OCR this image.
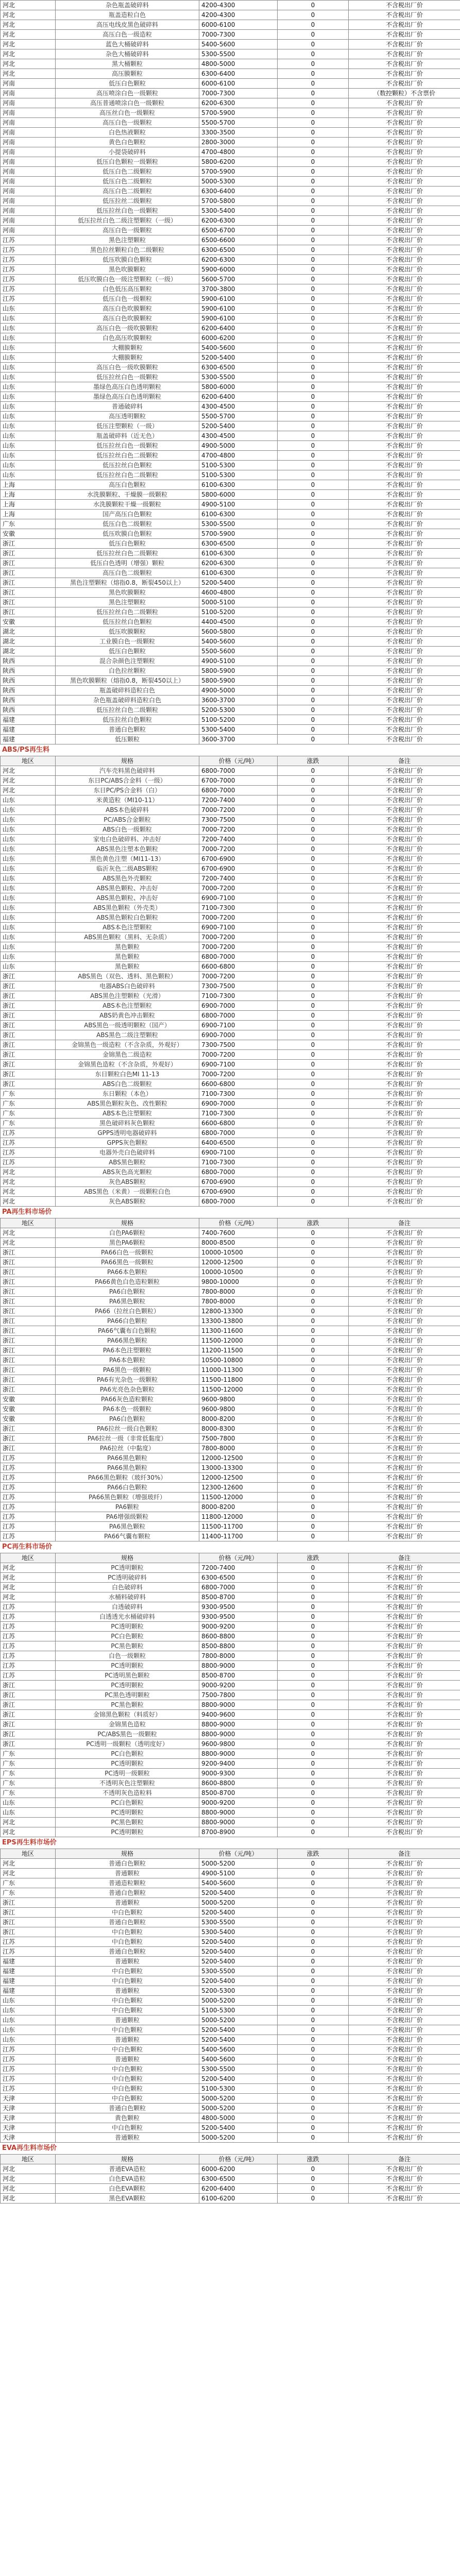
河北	杂色瓶盖破碎料	4200-4300	0	不含税出厂价
河北	瓶盖造粒白色	4200-4300	0	不含税出厂价
河北	高压电线皮黑色破碎料	6000-6100	0	不含税出厂价
河北	高压白色一级造粒	7000-7300	0	不含税出厂价
河北	蓝色大桶破碎料	5400-5600	0	不含税出厂价
河北	杂色大桶破碎料	5300-5500	0	不含税出厂价
河北	黑大桶颗粒	4800-5000	0	不含税出厂价
河北	高压膜颗粒	6300-6400	0	不含税出厂价
河南	低压白色颗粒	6000-6100	0	不含税出厂价
河南	高压喷涂白色一级颗粒	7000-7300	0	（数控颗粒）不含票价
河南	高压普通喷涂白色一级颗粒	6200-6300	0	不含税出厂价
河南	高压丝白色一级颗粒	5700-5900	0	不含税出厂价
河南	高压白色一级颗粒	5500-5700	0	不含税出厂价
河南	白色热液颗粒	3300-3500	0	不含税出厂价
河南	黄色白色颗粒	2800-3000	0	不含税出厂价
河南	小提袋破碎料	4700-4800	0	不含税出厂价
河南	低压白色颗粒一级颗粒	5800-6200	0	不含税出厂价
河南	低压白色二级颗粒	5700-5900	0	不含税出厂价
河南	低压白色二级颗粒	5000-5300	0	不含税出厂价
河南	高压白色二级颗粒	6300-6400	0	不含税出厂价
河南	低压拉丝二级颗粒	5700-5800	0	不含税出厂价
河南	低压拉丝白色一级颗粒	5300-5400	0	不含税出厂价
河南	低压拉丝白色二级注塑颗粒（一级）	6200-6300	0	不含税出厂价
河南	高压白色一级颗粒	6500-6700	0	不含税出厂价
江苏	黑色注塑颗粒	6500-6600	0	不含税出厂价
江苏	黑色拉丝颗粒白色二级颗粒	6300-6500	0	不含税出厂价
江苏	低压吹膜白色颗粒	6200-6300	0	不含税出厂价
江苏	黑色吹膜颗粒	5900-6000	0	不含税出厂价
江苏	低压吹膜白色一级注塑颗粒（一级）	5600-5700	0	不含税出厂价
江苏	白色低压高压颗粒	3700-3800	0	不含税出厂价
江苏	低压白色一级颗粒	5900-6100	0	不含税出厂价
山东	高压白色吹膜颗粒	5900-6100	0	不含税出厂价
山东	高压白色吹膜颗粒	5900-6100	0	不含税出厂价
山东	高压白色一级吹膜颗粒	6200-6400	0	不含税出厂价
山东	白色高压吹膜颗粒	6000-6200	0	不含税出厂价
山东	大棚膜颗粒	5400-5600	0	不含税出厂价
山东	大棚膜颗粒	5200-5400	0	不含税出厂价
山东	高压白色一级吹膜颗粒	6300-6500	0	不含税出厂价
山东	低压拉丝白色一级颗粒	5300-5500	0	不含税出厂价
山东	墨绿色高压白色透明颗粒	5800-6000	0	不含税出厂价
山东	墨绿色高压白色透明颗粒	6200-6400	0	不含税出厂价
山东	普通破碎料	4300-4500	0	不含税出厂价
山东	高压透明颗粒	5500-5700	0	不含税出厂价
山东	低压注塑颗粒（一级）	5200-5400	0	不含税出厂价
山东	瓶盖破碎料（近无色）	4300-4500	0	不含税出厂价
山东	低压拉丝白色一级颗粒	4900-5000	0	不含税出厂价
山东	低压拉丝白色二级颗粒	4700-4800	0	不含税出厂价
山东	低压拉丝白色颗粒	5100-5300	0	不含税出厂价
山东	低压拉丝白色二级颗粒	5100-5300	0	不含税出厂价
上海	高压白色颗粒	6100-6300	0	不含税出厂价
上海	水洗膜颗粒、干燥膜一级颗粒	5800-6000	0	不含税出厂价
上海	水洗膜颗粒干燥一级颗粒	4900-5100	0	不含税出厂价
上海	国产高压白色颗粒	6100-6300	0	不含税出厂价
广东	低压白色二级颗粒	5300-5500	0	不含税出厂价
安徽	低压吹膜白色颗粒	5700-5900	0	不含税出厂价
浙江	低压白色颗粒	6300-6500	0	不含税出厂价
浙江	低压拉丝白色二级颗粒	6100-6300	0	不含税出厂价
浙江	低压白色透明（增强）颗粒	6200-6300	0	不含税出厂价
浙江	高压白色二级颗粒	6100-6300	0	不含税出厂价
浙江	黑色注塑颗粒（熔指0.8，断裂450以上）	5200-5400	0	不含税出厂价
浙江	黑色吹膜颗粒	4600-4800	0	不含税出厂价
浙江	黑色注塑颗粒	5000-5100	0	不含税出厂价
浙江	低压拉丝白色二级颗粒	5100-5200	0	不含税出厂价
安徽	低压拉丝白色颗粒	4400-4500	0	不含税出厂价
湖北	低压吹膜颗粒	5600-5800	0	不含税出厂价
湖北	工业膜白色一级颗粒	5400-5600	0	不含税出厂价
湖北	低压白色颗粒	5500-5600	0	不含税出厂价
陕西	混合杂颜色注塑颗粒	4900-5100	0	不含税出厂价
陕西	白色拉丝颗粒	5800-5900	0	不含税出厂价
陕西	黑色吹膜颗粒（熔指0.8，断裂450以上）	5800-5900	0	不含税出厂价
陕西	瓶盖破碎料造粒白色	4900-5000	0	不含税出厂价
陕西	杂色瓶盖破碎料造粒白色	3600-3700	0	不含税出厂价
陕西	低压拉丝白色二级颗粒	5200-5300	0	不含税出厂价
福建	低压拉丝白色颗粒	5100-5200	0	不含税出厂价
福建	普通白色颗粒	5300-5400	0	不含税出厂价
福建	低压颗粒	3600-3700	0	不含税出厂价
ABS/PS再生料
地区	规格	价格（元/吨）	涨跌	备注
河北	汽车壳料黑色破碎料	6800-7000	0	不含税出厂价
河北	东日PC/ABS合金料（一级）	6700-7000	0	不含税出厂价
河北	东日PC/PS合金料（白）	6800-7000	0	不含税出厂价
山东	米黄造粒（MI10-11）	7200-7400	0	不含税出厂价
山东	ABS本色破碎料	7000-7200	0	不含税出厂价
山东	PC/ABS合金颗粒	7300-7500	0	不含税出厂价
山东	ABS白色一级颗粒	7000-7200	0	不含税出厂价
山东	家电白色破碎料、冲击好	7200-7400	0	不含税出厂价
山东	ABS黑色注塑本色颗粒	7000-7200	0	不含税出厂价
山东	黑色黄色注塑（MI11-13）	6700-6900	0	不含税出厂价
山东	临沂灰色二级ABS颗粒	6700-6900	0	不含税出厂价
山东	ABS黑色外壳颗粒	7200-7400	0	不含税出厂价
山东	ABS黑色颗粒、冲击好	7000-7200	0	不含税出厂价
山东	ABS黑色颗粒、冲击好	6900-7100	0	不含税出厂价
山东	ABS黑色颗粒（外壳类）	7100-7300	0	不含税出厂价
山东	ABS黑色颗粒白色颗粒	7000-7200	0	不含税出厂价
山东	ABS本色注塑颗粒	6900-7100	0	不含税出厂价
山东	ABS黑色颗粒（黑料、无杂质）	7000-7200	0	不含税出厂价
山东	黑色颗粒	7000-7200	0	不含税出厂价
山东	黑色颗粒	6800-7000	0	不含税出厂价
山东	黑色颗粒	6600-6800	0	不含税出厂价
浙江	ABS黑色（双色、透料、黑色颗粒）	7000-7200	0	不含税出厂价
浙江	电器ABS白色破碎料	7300-7500	0	不含税出厂价
浙江	ABS黑色注塑颗粒（光滑）	7100-7300	0	不含税出厂价
浙江	ABS本色注塑颗粒	6900-7000	0	不含税出厂价
浙江	ABS奶黄色冲击颗粒	6800-7000	0	不含税出厂价
浙江	ABS黑色一级透明颗粒（国产）	6900-7100	0	不含税出厂价
浙江	ABS黑色二级注塑颗粒	6900-7000	0	不含税出厂价
浙江	金锦黑色一级造粒（不含杂质，外观好）	7300-7500	0	不含税出厂价
浙江	金锦黑色二级造粒	7000-7200	0	不含税出厂价
浙江	金锦黑色造粒（不含杂质，外观好）	6900-7100	0	不含税出厂价
浙江	东日颗粒白色MI 11-13	7000-7200	0	不含税出厂价
浙江	ABS白色二级颗粒	6600-6800	0	不含税出厂价
广东	东日颗粒（本色）	7100-7300	0	不含税出厂价
广东	ABS黑色颗粒灰色、改性颗粒	6900-7000	0	不含税出厂价
广东	ABS本色注塑颗粒	7100-7300	0	不含税出厂价
广东	黑色破碎料灰色颗粒	6600-6800	0	不含税出厂价
江苏	GPPS透明电器破碎料	6800-7000	0	不含税出厂价
江苏	GPPS灰色颗粒	6400-6500	0	不含税出厂价
江苏	电器外壳白色破碎料	6900-7100	0	不含税出厂价
江苏	ABS黑色颗粒	7100-7300	0	不含税出厂价
河北	ABS灰色高光颗粒	6800-7000	0	不含税出厂价
河北	灰色ABS颗粒	6700-6900	0	不含税出厂价
河北	ABS黑色（米黄）一级颗粒白色	6700-6900	0	不含税出厂价
河北	灰色ABS颗粒	6800-7000	0	不含税出厂价
PA再生料市场价
地区	规格	价格（元/吨）	涨跌	备注
河北	白色PA6颗粒	7400-7600	0	不含税出厂价
河北	黑色PA6颗粒	8000-8500	0	不含税出厂价
浙江	PA66白色一级颗粒	10000-10500	0	不含税出厂价
浙江	PA66黑色一级颗粒	12000-12500	0	不含税出厂价
浙江	PA66本色颗粒	10000-10500	0	不含税出厂价
浙江	PA66黄色白色造粒颗粒	9800-10000	0	不含税出厂价
浙江	PA6白色颗粒	7800-8000	0	不含税出厂价
浙江	PA6黑色颗粒	7800-8000	0	不含税出厂价
浙江	PA66（拉丝白色颗粒）	12800-13300	0	不含税出厂价
浙江	PA66白色颗粒	13300-13800	0	不含税出厂价
浙江	PA66气囊布白色颗粒	11300-11600	0	不含税出厂价
浙江	PA66黑色颗粒	11500-12000	0	不含税出厂价
浙江	PA6本色注塑颗粒	11200-11500	0	不含税出厂价
浙江	PA6本色颗粒	10500-10800	0	不含税出厂价
浙江	PA6黑色一级颗粒	11000-11300	0	不含税出厂价
浙江	PA6有光杂色一级颗粒	11500-11800	0	不含税出厂价
浙江	PA6光亮色杂色颗粒	11500-12000	0	不含税出厂价
安徽	PA66灰色造粒颗粒	9600-9800	0	不含税出厂价
安徽	PA6本色一级颗粒	9600-9800	0	不含税出厂价
安徽	PA6白色颗粒	8000-8200	0	不含税出厂价
浙江	PA6拉丝一级白色颗粒	8000-8300	0	不含税出厂价
浙江	PA6拉丝一级（非常低黏度）	7500-7800	0	不含税出厂价
浙江	PA6拉丝（中黏度）	7800-8000	0	不含税出厂价
江苏	PA66黑色颗粒	12000-12500	0	不含税出厂价
江苏	PA66黑色颗粒	13000-13300	0	不含税出厂价
江苏	PA66黑色颗粒（玻纤30%）	12000-12500	0	不含税出厂价
江苏	PA66白色颗粒	12300-12600	0	不含税出厂价
江苏	PA66黑色颗粒（增强玻纤）	11500-12000	0	不含税出厂价
江苏	PA6颗粒	8000-8200	0	不含税出厂价
江苏	PA6增强级颗粒	11800-12000	0	不含税出厂价
江苏	PA6黑色颗粒	11500-11700	0	不含税出厂价
江苏	PA66气囊布颗粒	11400-11700	0	不含税出厂价
PC再生料市场价
地区	规格	价格（元/吨）	涨跌	备注
河北	PC透明颗粒	7200-7400	0	不含税出厂价
河北	PC透明破碎料	6300-6500	0	不含税出厂价
河北	白色破碎料	6800-7000	0	不含税出厂价
河北	水桶料破碎料	8500-8700	0	不含税出厂价
江苏	白透破碎料	9300-9500	0	不含税出厂价
江苏	白透透光水桶破碎料	9300-9500	0	不含税出厂价
江苏	PC透明颗粒	9000-9200	0	不含税出厂价
江苏	PC白色颗粒	8600-8800	0	不含税出厂价
江苏	PC黑色颗粒	8500-8800	0	不含税出厂价
江苏	白色一级颗粒	7800-8000	0	不含税出厂价
江苏	PC透明颗粒	8800-9000	0	不含税出厂价
江苏	PC透明黑色颗粒	8500-8700	0	不含税出厂价
浙江	PC透明颗粒	9000-9200	0	不含税出厂价
浙江	PC黑色透明颗粒	7500-7800	0	不含税出厂价
浙江	PC黑色颗粒	8800-9000	0	不含税出厂价
浙江	金锦黑色颗粒（料质好）	9400-9600	0	不含税出厂价
浙江	金锦黑色造粒	8800-9000	0	不含税出厂价
浙江	PC/ABS黑色一级颗粒	8800-9000	0	不含税出厂价
浙江	PC透明一级颗粒（透明度好）	9600-9800	0	不含税出厂价
广东	PC白色颗粒	8800-9000	0	不含税出厂价
广东	PC透明颗粒	9200-9400	0	不含税出厂价
广东	PC透明一级颗粒	9000-9300	0	不含税出厂价
广东	不透明灰色注塑颗粒	8600-8800	0	不含税出厂价
广东	不透明灰色造粒料	8500-8700	0	不含税出厂价
山东	PC白色颗粒	9000-9200	0	不含税出厂价
山东	PC透明颗粒	8800-9000	0	不含税出厂价
河北	PC黑色颗粒	8800-9000	0	不含税出厂价
河北	PC透明颗粒	8700-8900	0	不含税出厂价
EPS再生料市场价
地区	规格	价格（元/吨）	涨跌	备注
河北	普通白色颗粒	5000-5200	0	不含税出厂价
河北	普通颗粒	4900-5100	0	不含税出厂价
广东	普通造粒颗粒	5400-5600	0	不含税出厂价
广东	普通白色颗粒	5200-5400	0	不含税出厂价
浙江	普通颗粒	5000-5200	0	不含税出厂价
浙江	中白色颗粒	5200-5400	0	不含税出厂价
浙江	普通白色颗粒	5300-5500	0	不含税出厂价
浙江	中白色颗粒	5300-5400	0	不含税出厂价
江苏	中白色颗粒	5200-5400	0	不含税出厂价
江苏	普通白色颗粒	5200-5400	0	不含税出厂价
福建	普通颗粒	5200-5400	0	不含税出厂价
福建	中白色颗粒	5300-5500	0	不含税出厂价
福建	中白色颗粒	5200-5400	0	不含税出厂价
福建	普通颗粒	5200-5300	0	不含税出厂价
山东	中白色颗粒	5000-5200	0	不含税出厂价
山东	中白色颗粒	5100-5300	0	不含税出厂价
山东	普通颗粒	5000-5200	0	不含税出厂价
山东	中白色颗粒	5200-5400	0	不含税出厂价
山东	普通颗粒	5200-5400	0	不含税出厂价
江苏	中白色颗粒	5400-5600	0	不含税出厂价
江苏	普通颗粒	5400-5600	0	不含税出厂价
江苏	中白色颗粒	5300-5500	0	不含税出厂价
江苏	中白色颗粒	5200-5400	0	不含税出厂价
江苏	中白色颗粒	5100-5300	0	不含税出厂价
天津	中白色颗粒	5000-5200	0	不含税出厂价
天津	普通白色颗粒	5000-5200	0	不含税出厂价
天津	黄色颗粒	4800-5000	0	不含税出厂价
天津	中白色颗粒	5200-5400	0	不含税出厂价
天津	普通颗粒	5000-5200	0	不含税出厂价
EVA再生料市场价
地区	规格	价格（元/吨）	涨跌	备注
河北	普通EVA造粒	6000-6200	0	不含税出厂价
河北	白色EVA造粒	6300-6500	0	不含税出厂价
河北	白色EVA颗粒	6200-6400	0	不含税出厂价
河北	黑色EVA颗粒	6100-6200	0	不含税出厂价
